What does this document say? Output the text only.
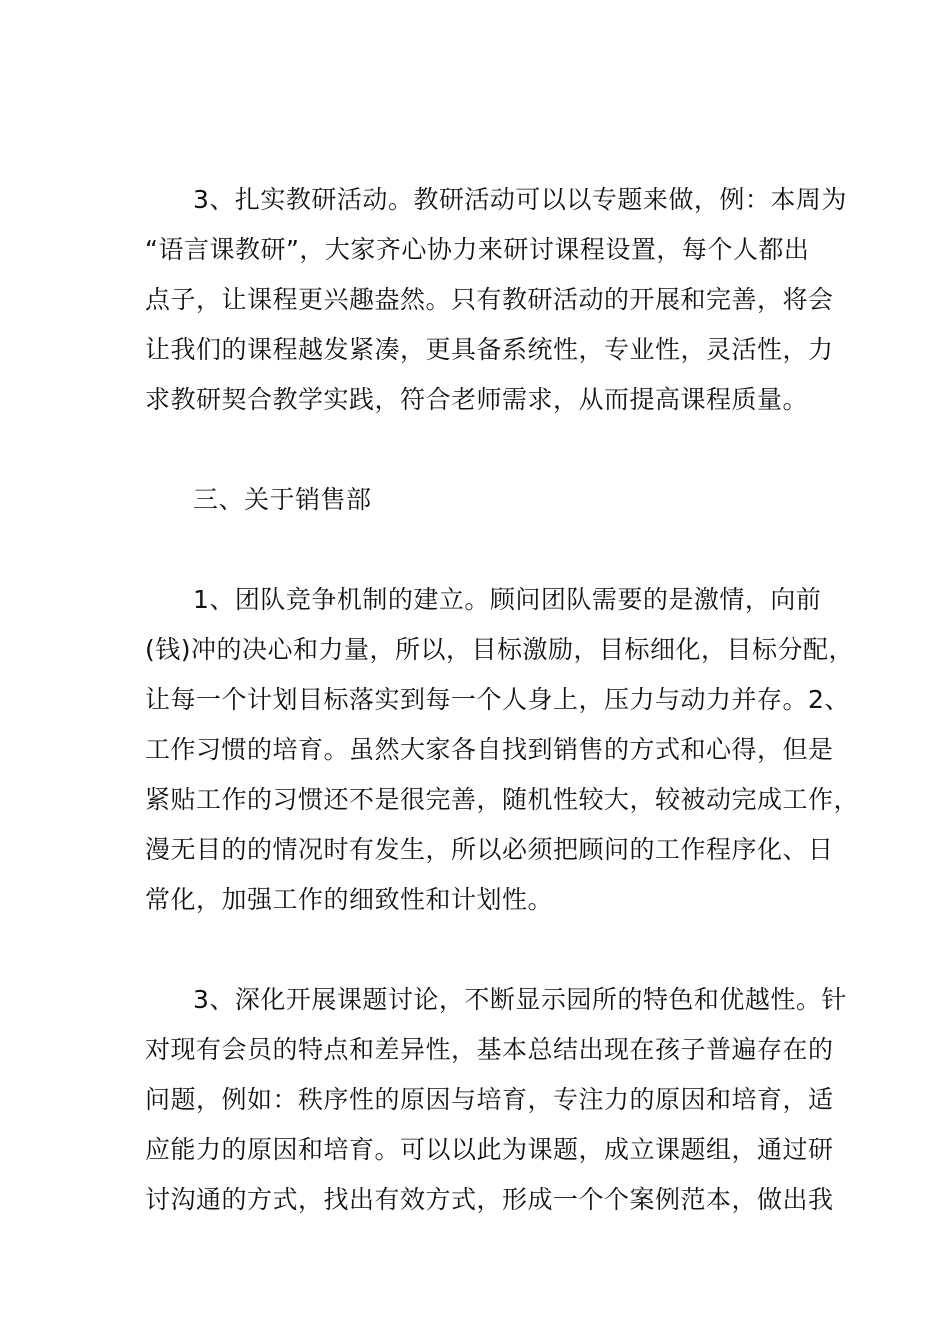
3、扎实教研活动。教研活动可以以专题来做，例：本周为
“语言课教研”，大家齐心协力来研讨课程设置，每个人都出
点子，让课程更兴趣盎然。只有教研活动的开展和完善，将会
让我们的课程越发紧凑，更具备系统性，专业性，灵活性，力
求教研契合教学实践，符合老师需求，从而提高课程质量。
三、关于销售部
1、团队竞争机制的建立。顾问团队需要的是激情，向前
(钱)冲的决心和力量，所以，目标激励，目标细化，目标分配，
让每一个计划目标落实到每一个人身上，压力与动力并存。2、
工作习惯的培育。虽然大家各自找到销售的方式和心得，但是
紧贴工作的习惯还不是很完善，随机性较大，较被动完成工作，
漫无目的的情况时有发生，所以必须把顾问的工作程序化、日
常化，加强工作的细致性和计划性。
3、深化开展课题讨论，不断显示园所的特色和优越性。针
对现有会员的特点和差异性，基本总结出现在孩子普遍存在的
问题，例如：秩序性的原因与培育，专注力的原因和培育，适
应能力的原因和培育。可以以此为课题，成立课题组，通过研
讨沟通的方式，找出有效方式，形成一个个案例范本，做出我
